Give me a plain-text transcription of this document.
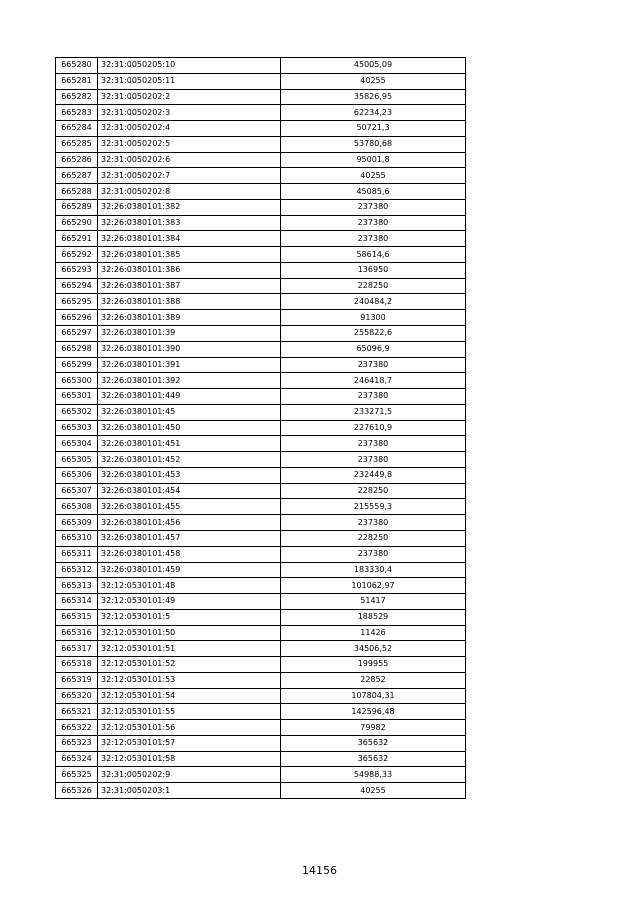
665280	32:31:0050205:10	45005,09
665281	32:31:0050205:11	40255
665282	32:31:0050202:2	35826,95
665283	32:31:0050202:3	62234,23
665284	32:31:0050202:4	50721,3
665285	32:31:0050202:5	53780,68
665286	32:31:0050202:6	95001,8
665287	32:31:0050202:7	40255
665288	32:31:0050202:8	45085,6
665289	32:26:0380101:382	237380
665290	32:26:0380101:383	237380
665291	32:26:0380101:384	237380
665292	32:26:0380101:385	58614,6
665293	32:26:0380101:386	136950
665294	32:26:0380101:387	228250
665295	32:26:0380101:388	240484,2
665296	32:26:0380101:389	91300
665297	32:26:0380101:39	255822,6
665298	32:26:0380101:390	65096,9
665299	32:26:0380101:391	237380
665300	32:26:0380101:392	246418,7
665301	32:26:0380101:449	237380
665302	32:26:0380101:45	233271,5
665303	32:26:0380101:450	227610,9
665304	32:26:0380101:451	237380
665305	32:26:0380101:452	237380
665306	32:26:0380101:453	232449,8
665307	32:26:0380101:454	228250
665308	32:26:0380101:455	215559,3
665309	32:26:0380101:456	237380
665310	32:26:0380101:457	228250
665311	32:26:0380101:458	237380
665312	32:26:0380101:459	183330,4
665313	32:12:0530101:48	101062,97
665314	32:12:0530101:49	51417
665315	32:12:0530101:5	188529
665316	32:12:0530101:50	11426
665317	32:12:0530101:51	34506,52
665318	32:12:0530101:52	199955
665319	32:12:0530101:53	22852
665320	32:12:0530101:54	107804,31
665321	32:12:0530101:55	142596,48
665322	32:12:0530101:56	79982
665323	32:12:0530101:57	365632
665324	32:12:0530101:58	365632
665325	32:31:0050202:9	54988,33
665326	32:31:0050203:1	40255
14156
